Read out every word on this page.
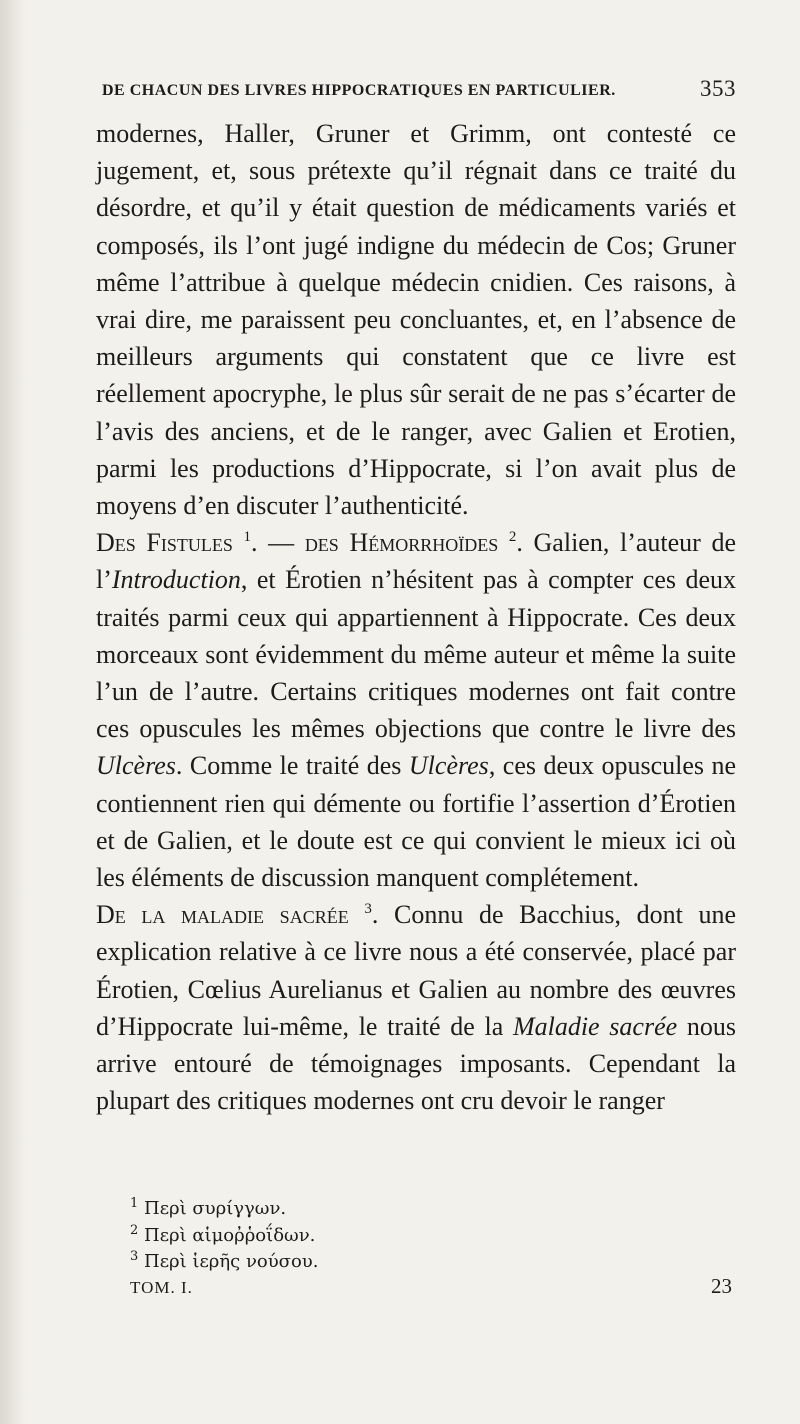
DE CHACUN DES LIVRES HIPPOCRATIQUES EN PARTICULIER.	353

modernes, Haller, Gruner et Grimm, ont contesté ce jugement, et, sous prétexte qu’il régnait dans ce traité du désordre, et qu’il y était question de médicaments variés et composés, ils l’ont jugé indigne du médecin de Cos; Gruner même l’attribue à quelque médecin cnidien. Ces raisons, à vrai dire, me paraissent peu concluantes, et, en l’absence de meilleurs arguments qui constatent que ce livre est réellement apocryphe, le plus sûr serait de ne pas s’écarter de l’avis des anciens, et de le ranger, avec Galien et Erotien, parmi les productions d’Hippocrate, si l’on avait plus de moyens d’en discuter l’authenticité.

Des Fistules $^1$. — des Hémorrhoïdes $^2$. Galien, l’auteur de l’Introduction, et Érotien n’hésitent pas à compter ces deux traités parmi ceux qui appartiennent à Hippocrate. Ces deux morceaux sont évidemment du même auteur et même la suite l’un de l’autre. Certains critiques modernes ont fait contre ces opuscules les mêmes objections que contre le livre des Ulcères. Comme le traité des Ulcères, ces deux opuscules ne contiennent rien qui démente ou fortifie l’assertion d’Érotien et de Galien, et le doute est ce qui convient le mieux ici où les éléments de discussion manquent complétement.

De la maladie sacrée $^3$. Connu de Bacchius, dont une explication relative à ce livre nous a été conservée, placé par Érotien, Cœlius Aurelianus et Galien au nombre des œuvres d’Hippocrate lui-même, le traité de la Maladie sacrée nous arrive entouré de témoignages imposants. Cependant la plupart des critiques modernes ont cru devoir le ranger

$^1$ Περὶ συρίγγων.
$^2$ Περὶ αἱμοῤῥοΐδων.
$^3$ Περὶ ἱερῆς νούσου.
TOM. I.	23
